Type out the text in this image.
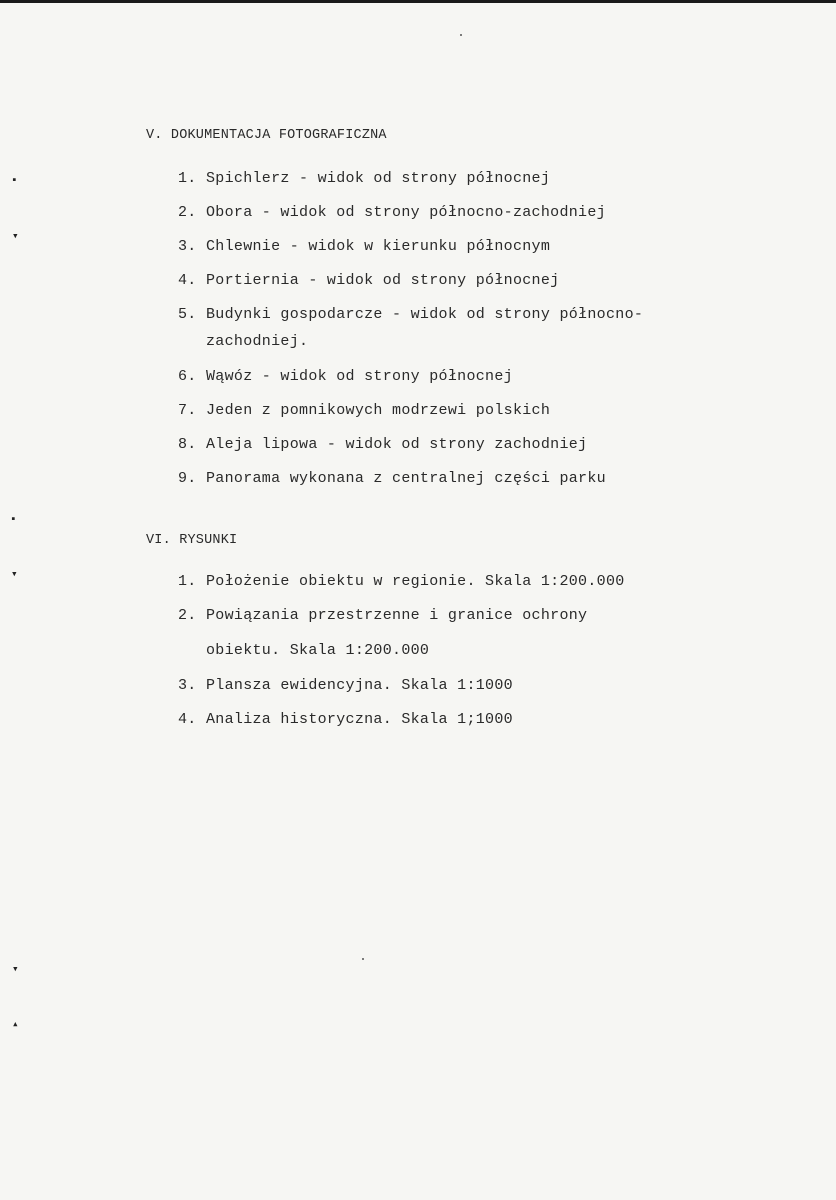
▪
▾
▪
▾
▾
▴
V. DOKUMENTACJA FOTOGRAFICZNA
1. Spichlerz - widok od strony północnej
2. Obora - widok od strony północno-zachodniej
3. Chlewnie - widok w kierunku północnym
4. Portiernia - widok od strony północnej
5. Budynki gospodarcze - widok od strony północno-
zachodniej.
6. Wąwóz - widok od strony północnej
7. Jeden z pomnikowych modrzewi polskich
8. Aleja lipowa - widok od strony zachodniej
9. Panorama wykonana z centralnej części parku
VI. RYSUNKI
1. Położenie obiektu w regionie. Skala 1:200.000
2. Powiązania przestrzenne i granice ochrony
obiektu. Skala 1:200.000
3. Plansza ewidencyjna. Skala 1:1000
4. Analiza historyczna. Skala 1;1000
